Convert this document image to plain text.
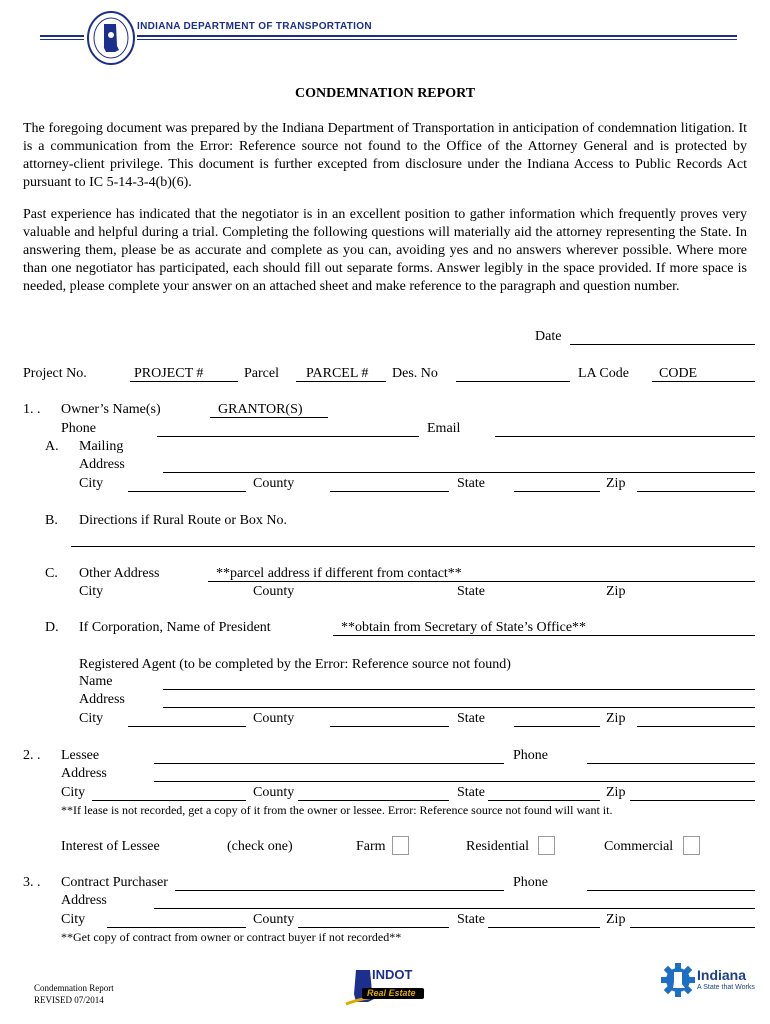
INDIANA DEPARTMENT OF TRANSPORTATION
CONDEMNATION REPORT
The foregoing document was prepared by the Indiana Department of Transportation in anticipation of condemnation litigation. It is a communication from the Error: Reference source not found to the Office of the Attorney General and is protected by attorney-client privilege. This document is further excepted from disclosure under the Indiana Access to Public Records Act pursuant to IC 5-14-3-4(b)(6).
Past experience has indicated that the negotiator is in an excellent position to gather information which frequently proves very valuable and helpful during a trial. Completing the following questions will materially aid the attorney representing the State. In answering them, please be as accurate and complete as you can, avoiding yes and no answers wherever possible. Where more than one negotiator has participated, each should fill out separate forms. Answer legibly in the space provided. If more space is needed, please complete your answer on an attached sheet and make reference to the paragraph and question number.
Date
Project No.	PROJECT #	Parcel PARCEL # Des. No	LA Code CODE
1. . Owner’s Name(s)	GRANTOR(S)
Phone	Email
A. Mailing
Address
City	County	State	Zip
B. Directions if Rural Route or Box No.
C. Other Address	**parcel address if different from contact**
City	County	State	Zip
D. If Corporation, Name of President	**obtain from Secretary of State’s Office**
Registered Agent (to be completed by the Error: Reference source not found)
Name
Address
City	County	State	Zip
2. . Lessee	Phone
Address
City	County	State	Zip
**If lease is not recorded, get a copy of it from the owner or lessee. Error: Reference source not found will want it.
Interest of Lessee	(check one)	Farm	Residential	Commercial
3. . Contract Purchaser	Phone
Address
City	County	State	Zip
**Get copy of contract from owner or contract buyer if not recorded**
Condemnation Report
REVISED 07/2014
INDOT
Real Estate
Indiana
A State that Works
